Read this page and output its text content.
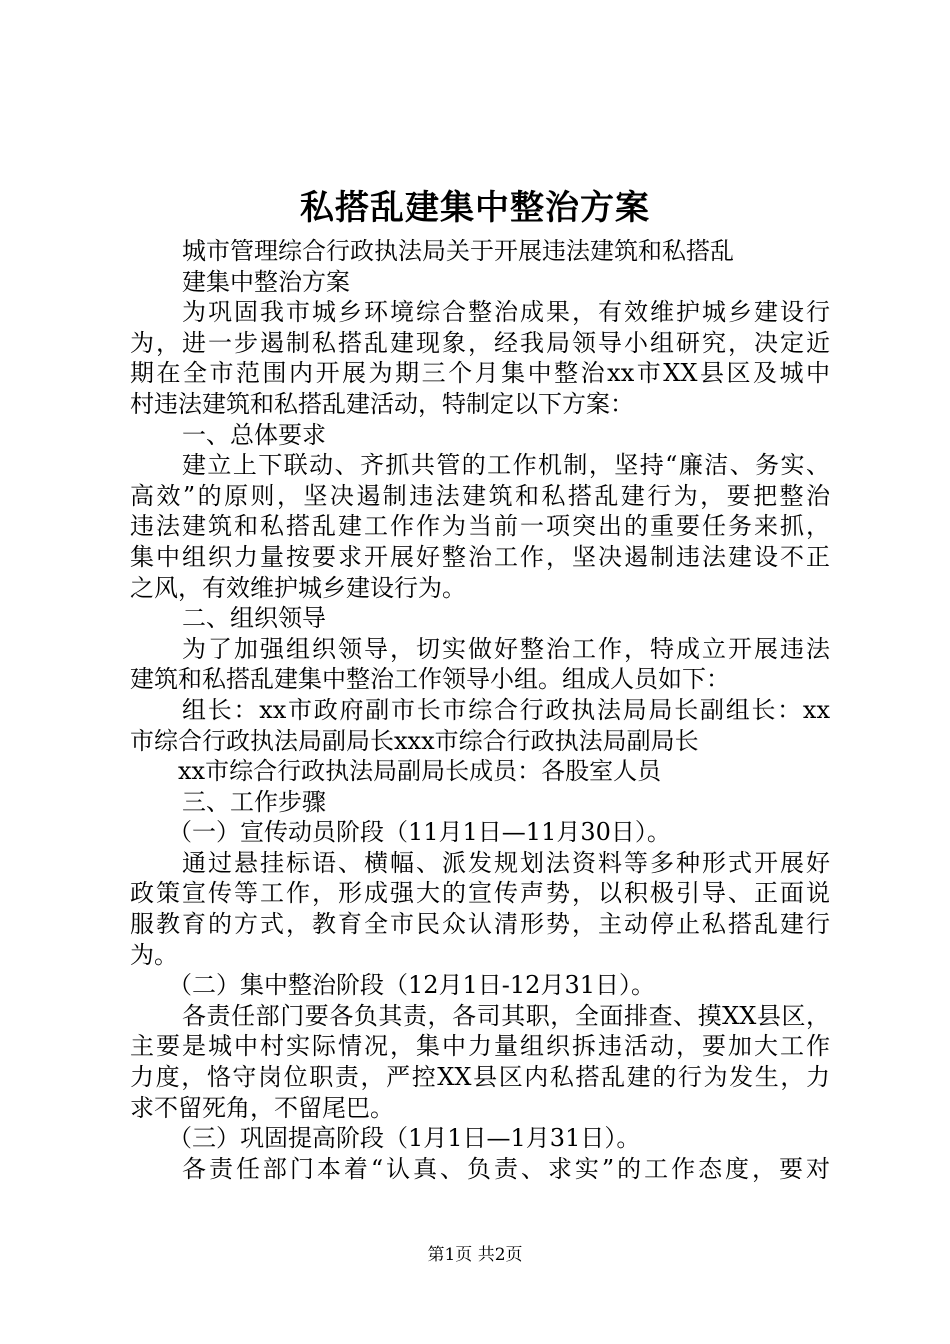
私搭乱建集中整治方案
城市管理综合行政执法局关于开展违法建筑和私搭乱
建集中整治方案
为巩固我市城乡环境综合整治成果，有效维护城乡建设行
为，进一步遏制私搭乱建现象，经我局领导小组研究，决定近
期在全市范围内开展为期三个月集中整治xx市XX县区及城中
村违法建筑和私搭乱建活动，特制定以下方案：
一、总体要求
建立上下联动、齐抓共管的工作机制，坚持“廉洁、务实、
高效”的原则，坚决遏制违法建筑和私搭乱建行为，要把整治
违法建筑和私搭乱建工作作为当前一项突出的重要任务来抓，
集中组织力量按要求开展好整治工作，坚决遏制违法建设不正
之风，有效维护城乡建设行为。
二、组织领导
为了加强组织领导，切实做好整治工作，特成立开展违法
建筑和私搭乱建集中整治工作领导小组。组成人员如下：
组长：xx市政府副市长市综合行政执法局局长副组长：xx
市综合行政执法局副局长xxx市综合行政执法局副局长
xx市综合行政执法局副局长成员：各股室人员
三、工作步骤
（一）宣传动员阶段（11月1日—11月30日）。
通过悬挂标语、横幅、派发规划法资料等多种形式开展好
政策宣传等工作，形成强大的宣传声势，以积极引导、正面说
服教育的方式，教育全市民众认清形势，主动停止私搭乱建行
为。
（二）集中整治阶段（12月1日-12月31日）。
各责任部门要各负其责，各司其职，全面排查、摸XX县区，
主要是城中村实际情况，集中力量组织拆违活动，要加大工作
力度，恪守岗位职责，严控XX县区内私搭乱建的行为发生，力
求不留死角，不留尾巴。
（三）巩固提高阶段（1月1日—1月31日）。
各责任部门本着“认真、负责、求实”的工作态度，要对
第1页 共2页
